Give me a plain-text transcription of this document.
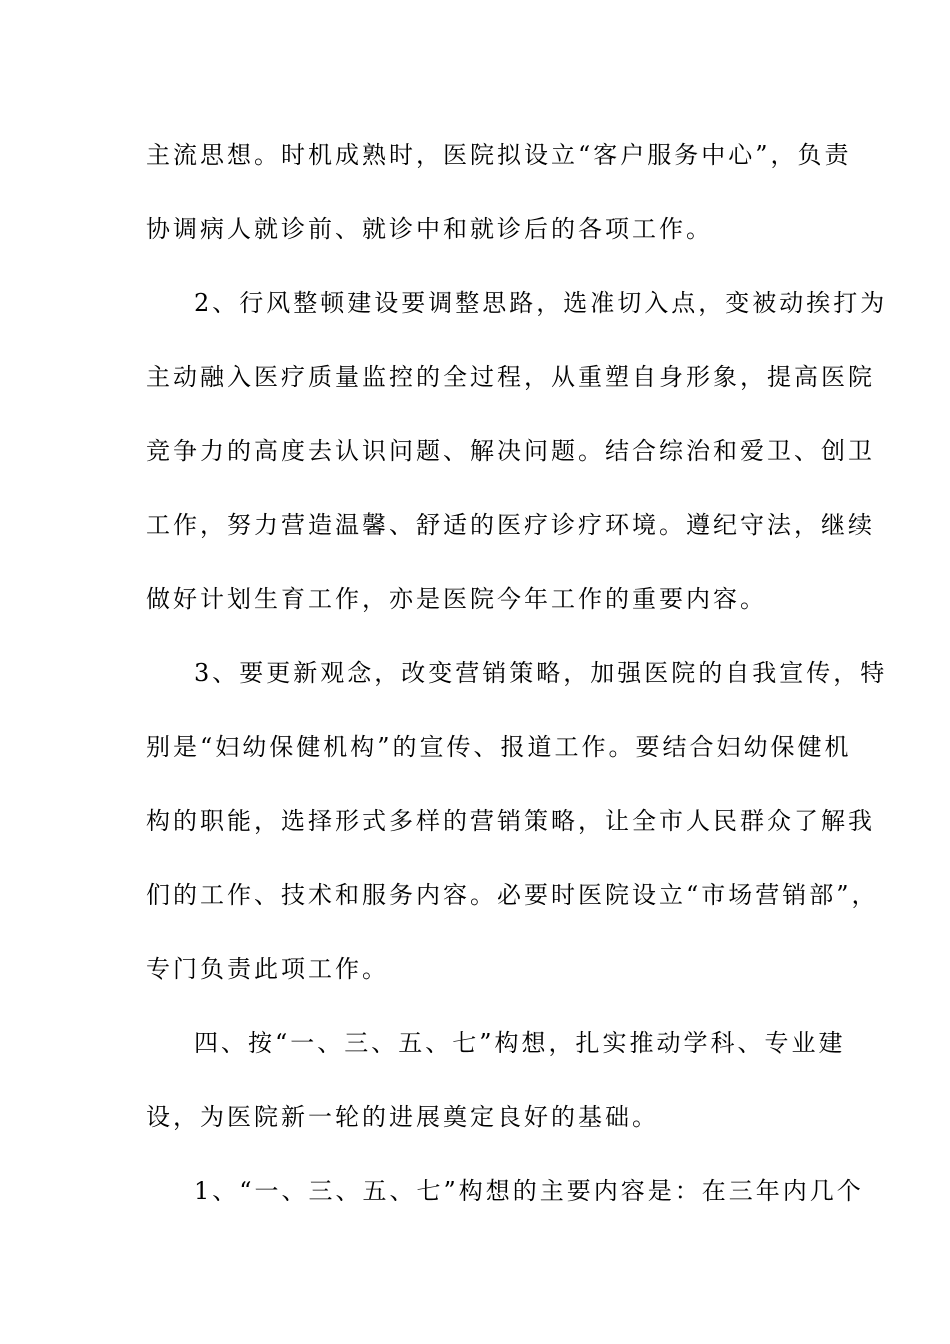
主流思想。时机成熟时，医院拟设立“客户服务中心”，负责
协调病人就诊前、就诊中和就诊后的各项工作。
2、行风整顿建设要调整思路，选准切入点，变被动挨打为
主动融入医疗质量监控的全过程，从重塑自身形象，提高医院
竞争力的高度去认识问题、解决问题。结合综治和爱卫、创卫
工作，努力营造温馨、舒适的医疗诊疗环境。遵纪守法，继续
做好计划生育工作，亦是医院今年工作的重要内容。
3、要更新观念，改变营销策略，加强医院的自我宣传，特
别是“妇幼保健机构”的宣传、报道工作。要结合妇幼保健机
构的职能，选择形式多样的营销策略，让全市人民群众了解我
们的工作、技术和服务内容。必要时医院设立“市场营销部”，
专门负责此项工作。
四、按“一、三、五、七”构想，扎实推动学科、专业建
设，为医院新一轮的进展奠定良好的基础。
1、“一、三、五、七”构想的主要内容是：在三年内几个
